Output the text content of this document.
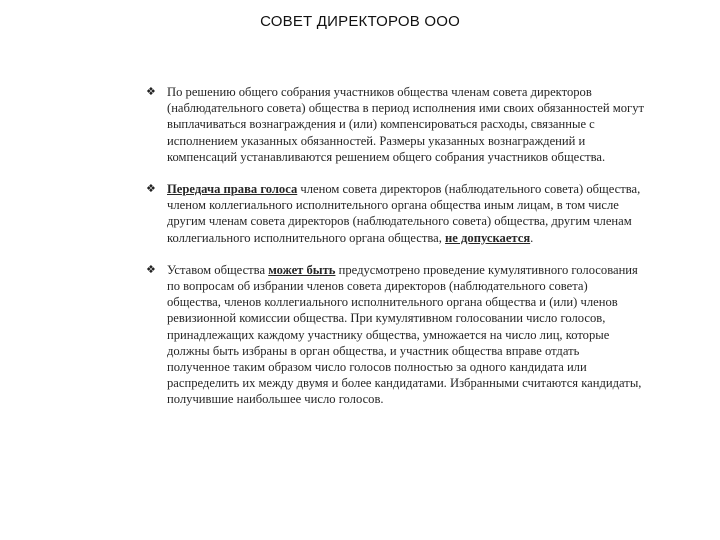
СОВЕТ ДИРЕКТОРОВ ООО
❖ По решению общего собрания участников общества членам совета директоров (наблюдательного совета) общества в период исполнения ими своих обязанностей могут выплачиваться вознаграждения и (или) компенсироваться расходы, связанные с исполнением указанных обязанностей. Размеры указанных вознаграждений и компенсаций устанавливаются решением общего собрания участников общества.
❖ Передача права голоса членом совета директоров (наблюдательного совета) общества, членом коллегиального исполнительного органа общества иным лицам, в том числе другим членам совета директоров (наблюдательного совета) общества, другим членам коллегиального исполнительного органа общества, не допускается.
❖ Уставом общества может быть предусмотрено проведение кумулятивного голосования по вопросам об избрании членов совета директоров (наблюдательного совета) общества, членов коллегиального исполнительного органа общества и (или) членов ревизионной комиссии общества. При кумулятивном голосовании число голосов, принадлежащих каждому участнику общества, умножается на число лиц, которые должны быть избраны в орган общества, и участник общества вправе отдать полученное таким образом число голосов полностью за одного кандидата или распределить их между двумя и более кандидатами. Избранными считаются кандидаты, получившие наибольшее число голосов.
